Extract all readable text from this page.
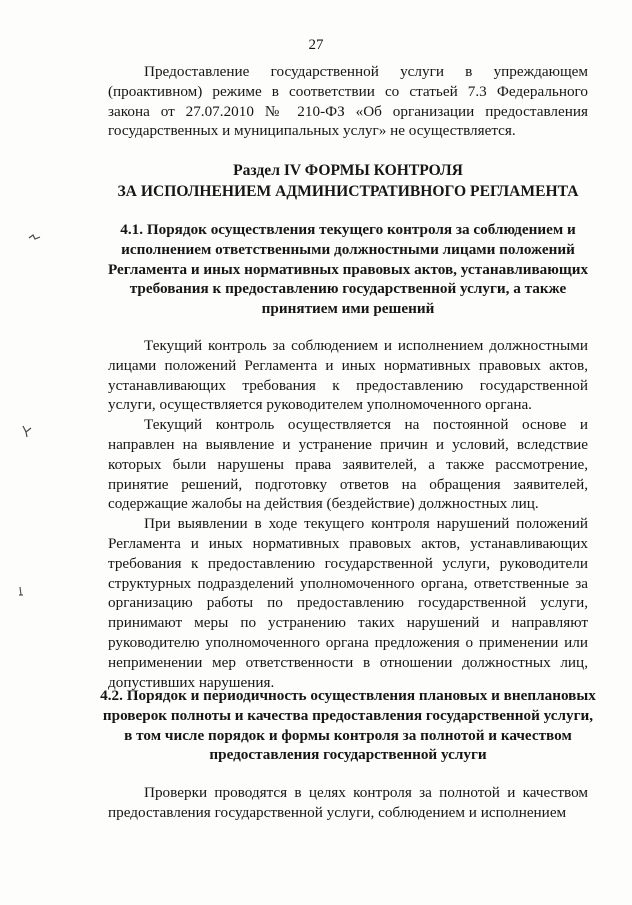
27

Предоставление государственной услуги в упреждающем (проактивном) режиме в соответствии со статьей 7.3 Федерального закона от 27.07.2010 № 210-ФЗ «Об организации предоставления государственных и муниципальных услуг» не осуществляется.

Раздел IV ФОРМЫ КОНТРОЛЯ
ЗА ИСПОЛНЕНИЕМ АДМИНИСТРАТИВНОГО РЕГЛАМЕНТА
4.1. Порядок осуществления текущего контроля за соблюдением и
исполнением ответственными должностными лицами положений
Регламента и иных нормативных правовых актов, устанавливающих
требования к предоставлению государственной услуги, а также
принятием ими решений

Текущий контроль за соблюдением и исполнением должностными лицами положений Регламента и иных нормативных правовых актов, устанавливающих требования к предоставлению государственной услуги, осуществляется руководителем уполномоченного органа.

Текущий контроль осуществляется на постоянной основе и направлен на выявление и устранение причин и условий, вследствие которых были нарушены права заявителей, а также рассмотрение, принятие решений, подготовку ответов на обращения заявителей, содержащие жалобы на действия (бездействие) должностных лиц.

При выявлении в ходе текущего контроля нарушений положений Регламента и иных нормативных правовых актов, устанавливающих требования к предоставлению государственной услуги, руководители структурных подразделений уполномоченного органа, ответственные за организацию работы по предоставлению государственной услуги, принимают меры по устранению таких нарушений и направляют руководителю уполномоченного органа предложения о применении или неприменении мер ответственности в отношении должностных лиц, допустивших нарушения.

4.2. Порядок и периодичность осуществления плановых и внеплановых
проверок полноты и качества предоставления государственной услуги,
в том числе порядок и формы контроля за полнотой и качеством
предоставления государственной услуги

Проверки проводятся в целях контроля за полнотой и качеством предоставления государственной услуги, соблюдением и исполнением
